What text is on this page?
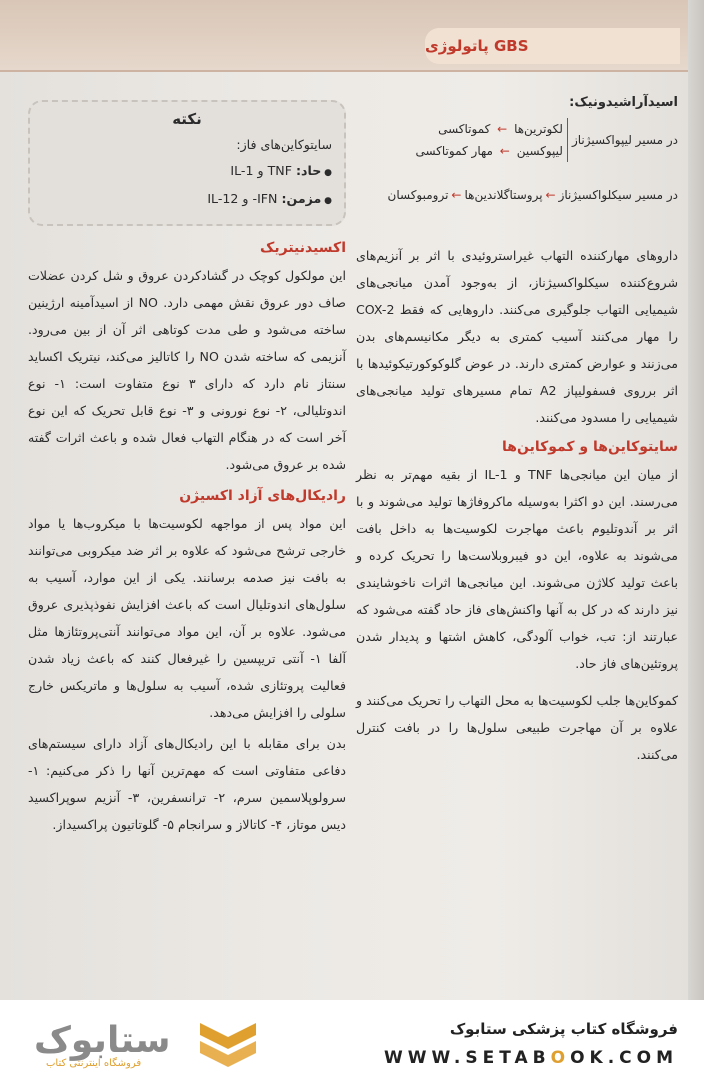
GBS پاتولوژی

اسیدآراشیدونیک:

در مسیر لیپواکسیژناز
لکوترین‌ها ← کموتاکسی
لیپوکسین ← مهار کموتاکسی
در مسیر سیکلواکسیژناز
←
پروستاگلاندین‌ها
←
ترومبوکسان

داروهای مهارکننده التهاب غیراستروئیدی با اثر بر آنزیم‌های شروع‌کننده سیکلواکسیژناز، از به‌وجود آمدن میانجی‌های شیمیایی التهاب جلوگیری می‌کنند. داروهایی که فقط COX-2 را مهار می‌کنند آسیب کمتری به دیگر مکانیسم‌های بدن می‌زنند و عوارض کمتری دارند. در عوض گلوکوکورتیکوئیدها با اثر برروی فسفولیپاز A2 تمام مسیرهای تولید میانجی‌های شیمیایی را مسدود می‌کنند.

سایتوکاین‌ها و کموکاین‌ها

از میان این میانجی‌ها TNF و IL-1 از بقیه مهم‌تر به نظر می‌رسند. این دو اکثرا به‌وسیله ماکروفاژها تولید می‌شوند و با اثر بر آندوتلیوم باعث مهاجرت لکوسیت‌ها به داخل بافت می‌شوند به علاوه، این دو فیبروبلاست‌ها را تحریک کرده و باعث تولید کلاژن می‌شوند. این میانجی‌ها اثرات ناخوشایندی نیز دارند که در کل به آنها واکنش‌های فاز حاد گفته می‌شود که عبارتند از: تب، خواب آلودگی، کاهش اشتها و پدیدار شدن پروتئین‌های فاز حاد.

کموکاین‌ها جلب لکوسیت‌ها به محل التهاب را تحریک می‌کنند و علاوه بر آن مهاجرت طبیعی سلول‌ها را در بافت کنترل می‌کنند.

نکته
سایتوکاین‌های فاز:
● حاد: TNF و IL-1
● مزمن: IFN- و IL-12
اکسیدنیتریک

این مولکول کوچک در گشادکردن عروق و شل کردن عضلات صاف دور عروق نقش مهمی دارد. NO از اسیدآمینه ارژینین ساخته می‌شود و طی مدت کوتاهی اثر آن از بین می‌رود. آنزیمی که ساخته شدن NO را کاتالیز می‌کند، نیتریک اکساید سنتاز نام دارد که دارای ۳ نوع متفاوت است: ۱- نوع اندوتلیالی، ۲- نوع نورونی و ۳- نوع قابل تحریک که این نوع آخر است که در هنگام التهاب فعال شده و باعث اثرات گفته شده بر عروق می‌شود.

رادیکال‌های آزاد اکسیژن

این مواد پس از مواجهه لکوسیت‌ها با میکروب‌ها یا مواد خارجی ترشح می‌شود که علاوه بر اثر ضد میکروبی می‌توانند به بافت نیز صدمه برسانند. یکی از این موارد، آسیب به سلول‌های اندوتلیال است که باعث افزایش نفوذپذیری عروق می‌شود. علاوه بر آن، این مواد می‌توانند آنتی‌پروتئازها مثل آلفا ۱- آنتی تریپسین را غیرفعال کنند که باعث زیاد شدن فعالیت پروتئازی شده، آسیب به سلول‌ها و ماتریکس خارج سلولی را افزایش می‌دهد.

بدن برای مقابله با این رادیکال‌های آزاد دارای سیستم‌های دفاعی متفاوتی است که مهم‌ترین آنها را ذکر می‌کنیم: ۱- سرولوپلاسمین سرم، ۲- ترانسفرین، ۳- آنزیم سوپراکسید دیس موتاز، ۴- کاتالاز و سرانجام ۵- گلوتاتیون پراکسیداز.

ستابوک
فروشگاه اینترنتی کتاب
فروشگاه کتاب پزشکی ستابوک
WWW.SETABOOK.COM
